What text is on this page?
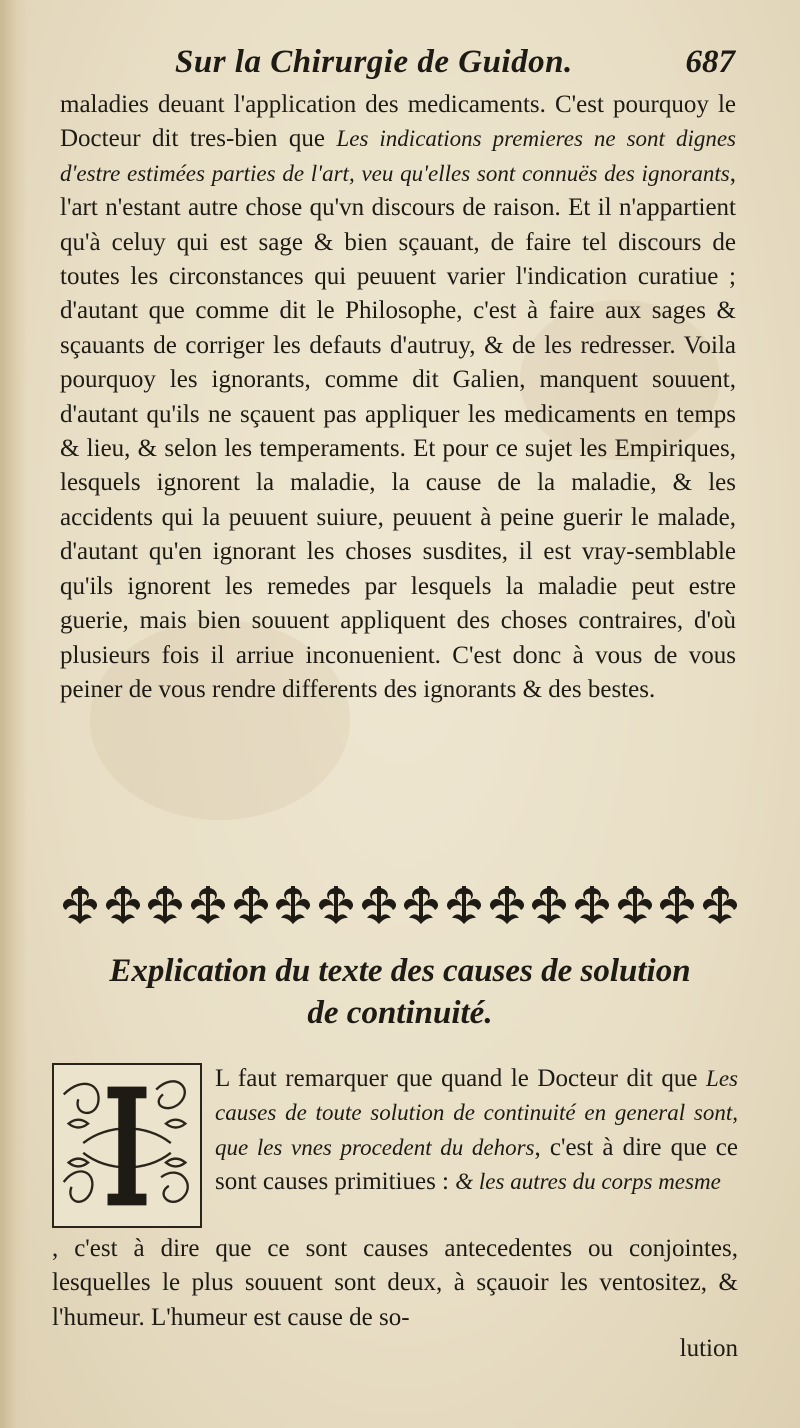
Sur la Chirurgie de Guidon.	687

maladies deuant l'application des medicaments. C'est pourquoy le Docteur dit tres-bien que Les indications premieres ne sont dignes d'estre estimées parties de l'art, veu qu'elles sont connuës des ignorants, l'art n'estant autre chose qu'vn discours de raison. Et il n'appartient qu'à celuy qui est sage & bien sçauant, de faire tel discours de toutes les circonstances qui peuuent varier l'indication curatiue ; d'autant que comme dit le Philosophe, c'est à faire aux sages & sçauants de corriger les defauts d'autruy, & de les redresser. Voila pourquoy les ignorants, comme dit Galien, manquent souuent, d'autant qu'ils ne sçauent pas appliquer les medicaments en temps & lieu, & selon les temperaments. Et pour ce sujet les Empiriques, lesquels ignorent la maladie, la cause de la maladie, & les accidents qui la peuuent suiure, peuuent à peine guerir le malade, d'autant qu'en ignorant les choses susdites, il est vray-semblable qu'ils ignorent les remedes par lesquels la maladie peut estre guerie, mais bien souuent appliquent des choses contraires, d'où plusieurs fois il arriue inconuenient. C'est donc à vous de vous peiner de vous rendre differents des ignorants & des bestes.

Explication du texte des causes de solution
de continuité.
I
L faut remarquer que quand le Docteur dit que Les causes de toute solution de continuité en general sont, que les vnes procedent du dehors, c'est à dire que ce sont causes primitiues : & les autres du corps mesme
, c'est à dire que ce sont causes antecedentes ou conjointes, lesquelles le plus souuent sont deux, à sçauoir les ventositez, & l'humeur. L'humeur est cause de so-
lution
